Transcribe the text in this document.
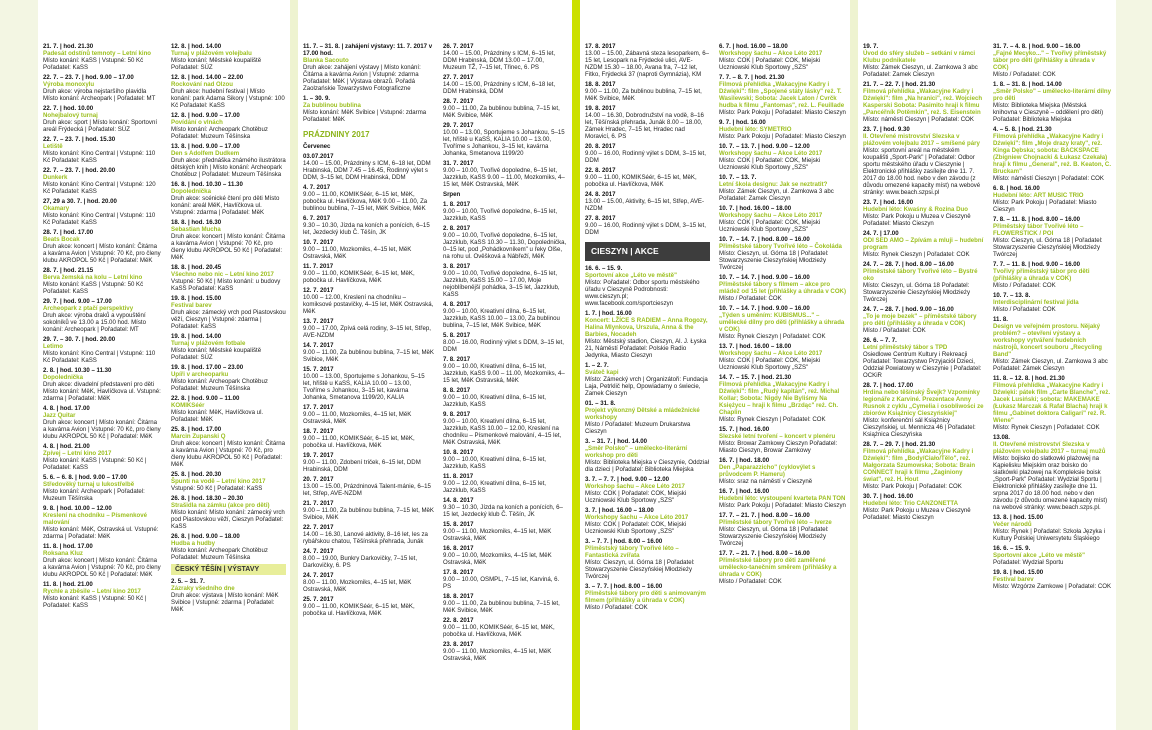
21. 7. | hod. 21.30
Padesát odstínů temnoty – Letní kino
Místo konání: KaSS | Vstupné: 50 Kč
Pořadatel: KaSS
22. 7. – 23. 7. | hod. 9.00 – 17.00
Výroba monoxylu
Druh akce: výroba nejstaršího plavidla Místo konání: Archeopark | Pořadatel: MT
22. 7. | hod. 10.00
Nohejbalový turnaj
Druh akce: sport | Místo konání: Sportovní areál Frýdecká | Pořadatel: SÚZ
22. 7. – 23. 7. | hod. 15.30
Letiště
Místo konání: Kino Central | Vstupné: 110 Kč Pořadatel: KaSS
22. 7. – 23. 7. | hod. 20.00
Dunkerk
Místo konání: Kino Central | Vstupné: 120 Kč Pořadatel: KaSS
27, 29 a 30. 7. | hod. 20.00
Okamary
Místo konání: Kino Central | Vstupné: 110 Kč Pořadatel: KaSS
28. 7. | hod. 17.00
Beats Bocak
Druh akce: koncert | Místo konání: Čitárna a kavárna Avion | Vstupné: 70 Kč, pro členy klubu AKROPOL 50 Kč | Pořadatel: MěK
28. 7. | hod. 21.15
Berva žemská na kolu – Letní kino
Místo konání: KaSS | Vstupné: 50 Kč Pořadatel: KaSS
29. 7. | hod. 9.00 – 17.00
Archeopark z ptačí perspektivy
Druh akce: výroba draků a vypouštění sokolníků ve 13.00 a 15.00 hod. Místo konání: Archeopark | Pořadatel: MT
29. 7. – 30. 7. | hod. 20.00
Letimo
Místo konání: Kino Central | Vstupné: 110 Kč Pořadatel: KaSS
2. 8. | hod. 10.30 – 11.30
Dopolednička
Druh akce: divadelní představení pro děti Místo konání: MěK, Havlíčkova ul. Vstupné: zdarma | Pořadatel: MěK
4. 8. | hod. 17.00
Jazz Quitar
Druh akce: koncert | Místo konání: Čitárna a kavárna Avion | Vstupné: 70 Kč, pro členy klubu AKROPOL 50 Kč | Pořadatel: MěK
4. 8. | hod. 21.00
Zpívej – Letní kino 2017
Místo konání: KaSS | Vstupné: 50 Kč | Pořadatel: KaSS
5. 6. – 6. 8. | hod. 9.00 – 17.00
Středověký turnaj u lukostřelbě
Místo konání: Archeopark | Pořadatel: Muzeum Těšínska
9. 8. | hod. 10.00 – 12.00
Kreslení na chodníku – Písmenkové malování
Místo konání: MěK, Ostravská ul. Vstupné: zdarma | Pořadatel: MěK
11. 8. | hod. 17.00
Roksana Kluz
Druh akce: koncert | Místo konání: Čitárna a kavárna Avion | Vstupné: 70 Kč, pro členy klubu AKROPOL 50 Kč | Pořadatel: MěK
11. 8. | hod. 21.00
Rychle a zběsile – Letní kino 2017
Místo konání: KaSS | Vstupné: 50 Kč | Pořadatel: KaSS
12. 8. | hod. 14.00
Turnaj v plážovém volejbalu
Místo konání: Městské koupaliště Pořadatel: SÚZ
12. 8. | hod. 14.00 – 22.00
Rockování nad Olzou
Druh akce: hudební festival | Místo konání: park Adama Sikory | Vstupné: 100 Kč Pořadatel: KaSS
12. 8. | hod. 9.00 – 17.00
Povídání o vlnách
Místo konání: Archeopark Chotěbuz Pořadatel: Muzeum Těšínska
13. 8. | hod. 9.00 – 17.00
Den s Adolfem Dudkem
Druh akce: přednáška známého ilustrátora dětských knih | Místo konání: Archeopark Chotěbuz | Pořadatel: Muzeum Těšínska
16. 8. | hod. 10.30 – 11.30
Dopolednička
Druh akce: scénické čtení pro děti Místo konání: areál MěK, Havlíčkova ul. Vstupné: zdarma | Pořadatel: MěK
18. 8. | hod. 16.30
Sebastian Mucha
Druh akce: koncert | Místo konání: Čitárna a kavárna Avion | Vstupné: 70 Kč, pro členy klubu AKROPOL 50 Kč | Pořadatel: MěK
18. 8. | hod. 20.45
Všechno nebo nic – Letní kino 2017
Vstupné: 50 Kč | Místo konání: u budovy KaSS Pořadatel: KaSS
19. 8. | hod. 15.00
Festival barev
Druh akce: zámecký vrch pod Piastovskou věží, Cieszyn | Vstupné: zdarma | Pořadatel: KaSS
19. 8. | hod. 14.00
Turnaj v plážovém fotbale
Místo konání: Městské koupaliště Pořadatel: SÚZ
19. 8. | hod. 17.00 – 23.00
Upíři v archeoparku
Místo konání: Archeopark Chotěbuz Pořadatel: Muzeum Těšínska
22. 8. | hod. 9.00 – 11.00
KOMIKSéér
Místo konání: MěK, Havlíčkova ul. Pořadatel: MěK
25. 8. | hod. 17.00
Marcin Zupanski Q
Druh akce: koncert | Místo konání: Čitárna a kavárna Avion | Vstupné: 70 Kč, pro členy klubu AKROPOL 50 Kč | Pořadatel: MěK
25. 8. | hod. 20.30
Špunti na vodě – Letní kino 2017
Vstupné: 50 Kč | Pořadatel: KaSS
26. 8. | hod. 18.30 – 20.30
Strašidla na zámku (akce pro děti)
Místo konání: Místo konání: zámecký vrch pod Piastovskou věží, Cieszyn Pořadatel: KaSS
26. 8. | hod. 9.00 – 18.00
Hudba a hudby
Místo konání: Archeopark Chotěbuz Pořadatel: Muzeum Těšínska
ČESKÝ TĚŠÍN | VÝSTAVY
2. 5. – 31. 7.
Zázraky všedního dne
Druh akce: výstava | Místo konání: MěK Svibice | Vstupné: zdarma | Pořadatel: MěK
11. 7. – 31. 8. | zahájení výstavy: 11. 7. 2017 v 17.00 hod.
Blanka Sacouto
Druh akce: zahájení výstavy | Místo konání: Čitárna a kavárna Avion | Vstupné: zdarma Pořadatel: MěK | Výstava obrazů. Pořadá Zaolzańskie Towarzystwo Fotograficzne
1. – 30. 9.
Za bublinou bublina
Místo konání: MěK Svibice | Vstupné: zdarma Pořadatel: MěK
PRÁZDNINY 2017
Červenec
03.07.2017
14.00 – 15.00, Prázdniny s ICM, 6–18 let, DDM Hrabinská, DDM 7.45 – 16.45, Rodinný výlet s DDM, 3–15 let, DDM Hrabinská, DDM
4. 7. 2017
9.00 – 11.00, KOMIKSéér, 6–15 let, MěK, pobočka ul. Havlíčkova, MěK 9.00 – 11.00, Za bublinou bublina, 7–15 let, MěK Svibice, MěK
6. 7. 2017
9.30 – 10.30, Jízda na koních a ponících, 6–15 let, Jezdecký klub Č. Těšín, JK
10. 7. 2017
9.00 – 11.00, Mozkomiks, 4–15 let, MěK Ostravská, MěK
11. 7. 2017
9.00 – 11.00, KOMIKSéér, 6–15 let, MěK, pobočka ul. Havlíčkova, MěK
12. 7. 2017
10.00 – 12.00, Kreslení na chodníku – komiksové postavičky, 4–15 let, MěK Ostravská, MěK
13. 7. 2017
9.00 – 17.00, Zpívá celá rodiny, 3–15 let, Střep, AVE-NZDM
14. 7. 2017
9.00 – 11.00, Za bublinou bublina, 7–15 let, MěK Svibice, MěK
15. 7. 2017
10.00 – 13.00, Sportujeme s Johankou, 5–15 let, hřiště u KaSS, KALIA 10.00 – 13.00, Tvoříme s Johankou, 3–15 let, kavárna Johanka, Smetanova 1199/20, KALIA
17. 7. 2017
9.00 – 11.00, Mozkomiks, 4–15 let, MěK Ostravská, MěK
18. 7. 2017
9.00 – 11.00, KOMIKSéér, 6–15 let, MěK, pobočka ul. Havlíčkova, MěK
19. 7. 2017
9.00 – 11.00, Zdobení triček, 6–15 let, DDM Hrabinská, DDM
20. 7. 2017
13.00 – 15.00, Prázdninová Talent-mánie, 6–15 let, Střep, AVE-NZDM
21. 7. 2017
9.00 – 11.00, Za bublinou bublina, 7–15 let, MěK Svibice, MěK
22. 7. 2017
14.00 – 16.30, Lanové aktivity, 8–16 let, les za rybářskou chatou, Těšínská přehrada, Junák
24. 7. 2017
8.00 – 19.00, Bunkry Darkovičky, 7–15 let, Darkovičky, 6. PS
24. 7. 2017
8.00 – 11.00, Mozkomiks, 4–15 let, MěK Ostravská, MěK
25. 7. 2017
9.00 – 11.00, KOMIKSéér, 6–15 let, MěK, pobočka ul. Havlíčkova, MěK
26. 7. 2017
14.00 – 15.00, Prázdniny s ICM, 6–15 let, DDM Hrabinská, DDM 13.00 – 17.00, Muzeum TŽ, 7–15 let, Třinec, 6. PS
27. 7. 2017
14.00 – 15.00, Prázdniny s ICM, 6–18 let, DDM Hrabinská, DDM
28. 7. 2017
9.00 – 11.00, Za bublinou bublina, 7–15 let, MěK Svibice, MěK
29. 7. 2017
10.00 – 13.00, Sportujeme s Johankou, 5–15 let, hřiště u KaSS, KALIA 10.00 – 13.00, Tvoříme s Johankou, 3–15 let, kavárna Johanka, Smetanova 1199/20
31. 7. 2017
9.00 – 10.00, Tvořivé dopoledne, 6–15 let, Jazzklub, KaSS 9.00 – 11.00, Mozkomiks, 4–15 let, MěK Ostravská, MěK
Srpen
1. 8. 2017
9.00 – 10.00, Tvořivé dopoledne, 6–15 let, Jazzklub, KaSS
2. 8. 2017
9.00 – 10.00, Tvořivé dopoledne, 6–15 let, Jazzklub, KaSS 10.30 – 11.30, Dopolednička, 0–15 let, pod „Pohádkovníkem" u řeky Olše, na rohu ul. Ověšková a Nábřeží, MěK
3. 8. 2017
9.00 – 10.00, Tvořivé dopoledne, 6–15 let, Jazzklub, KaSS 15.00 – 17.00, Moje nejoblíbenější pohádka, 3–15 let, Jazzklub, KaSS
4. 8. 2017
9.00 – 10.00, Kreativní dílna, 6–15 let, Jazzklub, KaSS 10.00 – 13.00, Za bublinou bublina, 7–15 let, MěK Svibice, MěK
5. 8. 2017
8.00 – 16.00, Rodinný výlet s DDM, 3–15 let, DDM
7. 8. 2017
9.00 – 10.00, Kreativní dílna, 6–15 let, Jazzklub, KaSS 9.00 – 11.00, Mozkomiks, 4–15 let, MěK Ostravská, MěK
8. 8. 2017
9.00 – 10.00, Kreativní dílna, 6–15 let, Jazzklub, KaSS
9. 8. 2017
9.00 – 10.00, Kreativní dílna, 6–15 let, Jazzklub, KaSS 10.00 – 12.00, Kreslení na chodníku – Písmenkové malování, 4–15 let, MěK Ostravská, MěK
10. 8. 2017
9.00 – 10.00, Kreativní dílna, 6–15 let, Jazzklub, KaSS
11. 8. 2017
9.00 – 12.00, Kreativní dílna, 6–15 let, Jazzklub, KaSS
14. 8. 2017
9.30 – 10.30, Jízda na koních a ponících, 6–15 let, Jezdecký klub Č. Těšín, JK
15. 8. 2017
9.00 – 11.00, Mozkomiks, 4–15 let, MěK Ostravská, MěK
16. 8. 2017
9.00 – 10.00, Mozkomiks, 4–15 let, MěK Ostravská, MěK
17. 8. 2017
9.00 – 10.00, OSMPL, 7–15 let, Karviná, 6. PS
18. 8. 2017
9.00 – 11.00, Za bublinou bublina, 7–15 let, MěK Svibice, MěK
22. 8. 2017
9.00 – 11.00, KOMIKSéér, 6–15 let, MěK, pobočka ul. Havlíčkova, MěK
23. 8. 2017
9.00 – 11.00, Mozkomiks, 4–15 let, MěK Ostravská, MěK
17. 8. 2017
13.00 – 15.00, Zábavná steza lesoparkem, 6–15 let, Lesopark na Frýdecké ulici, AVE-NZDM 15.30 – 18.00, Avana fra, 7–12 let, Fitko, Frýdecká 37 (naproti Gymnázia), KM
18. 8. 2017
9.00 – 11.00, Za bublinou bublina, 7–15 let, MěK Svibice, MěK
19. 8. 2017
14.00 – 16.30, Dobrodružství na vodě, 8–16 let, Těšínská přehrada, Junák 8.00 – 18.00, Zámek Hradec, 7–15 let, Hradec nad Moravicí, 6. PS
20. 8. 2017
9.00 – 16.00, Rodinný výlet s DDM, 3–15 let, DDM
22. 8. 2017
9.00 – 11.00, KOMIKSéér, 6–15 let, MěK, pobočka ul. Havlíčkova, MěK
24. 8. 2017
13.00 – 15.00, Aktivity, 6–15 let, Střep, AVE-NZDM
27. 8. 2017
9.00 – 16.00, Rodinný výlet s DDM, 3–15 let, DDM
CIESZYN | AKCE
16. 6. – 15. 9.
Sportovní akce „Léto ve městě"
Místo: Pořadatel: Odbor sportu městského úřadu v Cieszyně Podrobnosti: www.cieszyn.pl; www.facebook.com/sportcieszyn
1. 7. | hod. 16.00
Koncert: LŽÍCE S RADIEM – Anna Rogozy, Halina Mlynkova, Urszula, Anna & the Barbies, Nocadeh
Místo: Městský stadion, Cieszyn, Al. J. Łyska 21, Náměstí Pořadatel: Polskie Radio Jedynka, Miasto Cieszyn
1. – 2. 7.
Sváteč kapi
Místo: Zámecký vrch | Organizátoři: Fundacja Laja, Petrklič help, Opowiadamy o świecie, Zamek Cieszyn
01. – 31. 8.
Projekt výkonzný Dětské a mládežnické workshopy
Místo / Pořadatel: Muzeum Drukarstwa Cieszyn
3. – 31. 7. | hod. 14.00
„Směr Polsko" – uměleckо-literární workshop pro děti
Místo: Biblioteka Miejska v Cieszynie, Oddział dla dzieci | Pořadatel: Biblioteka Miejska
3. 7. – 7. 7. | hod. 9.00 – 12.00
Workshop šachu – Akce Léto 2017
Místo: COK | Pořadatel: COK, Miejski Uczniowski Klub Sportowy „SZS"
3. 7. | hod. 16.00 – 18.00
Workshopy šachu – Akce Léto 2017
Místo: COK | Pořadatel: COK, Miejski Uczniowski Klub Sportowy „SZS"
3. – 7. 7. | hod. 8.00 – 16.00
Příměstský tábory Tvořivé léto – Fantastická zvířata
Místo: Cieszyn, ul. Górna 18 | Pořadatel: Stowarzyszenie Cieszyńskiej Młodzieży Twórczej
3. – 7. 7. | hod. 8.00 – 16.00
Příměstské tábory pro děti s animovaným filmem (přihlášky a úhrada v COK)
Místo / Pořadatel: COK
6. 7. | hod. 16.00 – 18.00
Workshopy šachu – Akce Léto 2017
Místo: COK | Pořadatel: COK, Miejski Uczniowski Klub Sportowy „SZS"
7. 7. – 8. 7. | hod. 21.30
Filmová přehlídka „Wakacyjne Kadry i Dźwięki": film „Spojené státy lásky" reż. T. Wasilewski; Sobota: Jacek Laton / Cvrčk hudba k filmu „Fantomas", reż. L. Feuillade
Místo: Park Pokoju | Pořadatel: Miasto Cieszyn
9. 7. | hod. 16.00
Hudební léto: SYMETRIO
Místo: Park Pokoju | Pořadatel: Miasto Cieszyn
10. 7. – 13. 7. | hod. 9.00 – 12.00
Workshopy šachu – Akce Léto 2017
Místo: COK | Pořadatel: COK, Miejski Uczniowski Klub Sportowy „SZS"
10. 7. – 13. 7.
Letní škola designu: Jak se neztratit?
Místo: Zámek Cieszyn, ul. Zamkowa 3 abc Pořadatel: Zamek Cieszyn
10. 7. | hod. 16.00 – 18.00
Workshopy šachu – Akce Léto 2017
Místo: COK | Pořadatel: COK, Miejski Uczniowski Klub Sportowy „SZS"
10. 7. – 14. 7. | hod. 8.00 – 16.00
Příměstské tábory Tvořivé léto – Čokoláda
Místo: Cieszyn, ul. Górna 18 | Pořadatel: Stowarzyszenie Cieszyńskiej Młodzieży Twórczej
10. 7. – 14. 7. | hod. 9.00 – 16.00
Příměstské tábory s filmem – akce pro mládež od 15 let (přihlášky a úhrada v COK)
Místo / Pořadatel: COK
10. 7. – 14. 7. | hod. 9.00 – 16.00
„Týden s uměním: KUBISMUS..." – umělecké dílny pro děti (přihlášky a úhrada v COK)
Místo: Rynek Cieszyn | Pořadatel: COK
13. 7. | hod. 16.00 – 18.00
Workshopy šachu – Akce Léto 2017
Místo: COK | Pořadatel: COK, Miejski Uczniowski Klub Sportowy „SZS"
14. 7. – 15. 7. | hod. 21.30
Filmová přehlídka „Wakacyjne Kadry i Dźwięki": film „Rudý kapitán", reż. Michal Kollar; Sobota: Nigdy Nie Byliśmy Na Księżycu – hraji k filmu „Brzdąc" reż. Ch. Chaplin
Místo: Rynek Cieszyn | Pořadatel: COK
15. 7. | hod. 16.00
Slezské letní tvoření – koncert v plenéru
Místo: Browar Zamkowy Cieszyn Pořadatel: Miasto Cieszyn, Browar Zamkowy
16. 7. | hod. 18.00
Den „Paparazzicho" (cyklovýlet s průvodcem P. Hameru)
Místo: sraz na náměstí v Cieszyně
16. 7. | hod. 16.00
Hudební léto: vystoupení kvarteta PAN TON
Místo: Park Pokoju | Pořadatel: Miasto Cieszyn
17. 7. – 21. 7. | hod. 8.00 – 16.00
Příměstské tábory Tvořivé léto – Iverze
Místo: Cieszyn, ul. Górna 18 | Pořadatel: Stowarzyszenie Cieszyńskiej Młodzieży Twórczej
17. 7. – 21. 7. | hod. 8.00 – 16.00
Příměstské tábory pro děti zaměřené umělecko-tanečním směrem (přihlášky a úhrada v COK)
Místo / Pořadatel: COK
19. 7.
Úvod do sféry služeb – setkání v rámci Klubu podnikatele
Místo: Zámek Cieszyn, ul. Zamkowa 3 abc Pořadatel: Zamek Cieszyn
21. 7. – 22. 7. | hod. 21.30
Filmová přehlídka „Wakacyjne Kadry i Dźwięki": film „Na hranici", reż. Wojciech Kasperski Sobota: Pasimito hraji k filmu „Pancéřník Potěmkin", reż. S. Eisenstein
Místo: náměstí Cieszyn | Pořadatel: COK
23. 7. | hod. 9.30
II. Otevřené mistrovství Slezska v plážovém volejbalu 2017 – smíšené páry
Místo: sportovní areál na městském koupališti „Sport-Park" | Pořadatel: Odbor sportu městského úřadu v Cieszynie | Elektronické přihlášky zasílejte dne 11. 7. 2017 do 18.00 hod. nebo v den závodu (z důvodu omezené kapacity míst) na webové stránky: www.beach.szpsi.pl
23. 7. | hod. 16.00
Hudební léto: Kwaśny & Rozina Duo
Místo: Park Pokoju u Muzea v Cieszyně Pořadatel: Miasto Cieszyn
24. 7. | 17.00
ODI SED AMO – Zpívám a mluji – hudební program
Místo: Rynek Cieszyn | Pořadatel: COK
24. 7. – 28. 7. | hod. 8.00 – 16.00
Příměstské tábory Tvořivé léto – Bystré oko
Místo: Cieszyn, ul. Górna 18 Pořadatel: Stowarzyszenie Cieszyńskiej Młodzieży Twórczej
24. 7. – 28. 7. | hod. 9.00 – 16.00
„To je moje bezek" – příměstské tábory pro děti (přihlášky a úhrada v COK)
Místo / Pořadatel: COK
26. 6. – 7. 7.
Letní příměstský tábor s TPD
Osiedlowe Centrum Kultury i Rekreacji Pořadatel: Towarzystwo Przyjaciół Dzieci, Oddział Powiatowy w Cieszynie | Pořadatel: OCKiR
28. 7. | hod. 17.00
Hrdina nebo těšínský Švejk? Vzpomínky legionáře z Karviné. Prezentace Anny Rusnok z cyklu „Cymelia i osobliwości ze zbiorów Książnicy Cieszyńskiej"
Místo: konferenční sál Książnicy Cieszyńskiej, ul. Mennicza 46 | Pořadatel: Książnica Cieszyńska
28. 7. – 29. 7. | hod. 21.30
Filmová přehlídka „Wakacyjne Kadry i Dźwięki": film „Body/Ciało/Tělo", reż. Małgorzata Szumowska; Sobota: Brain CONNECT hraji k filmu „Zaginiony świat", reż. H. Hout
Místo: Park Pokoju | Pořadatel: COK
30. 7. | hod. 16.00
Hudební léto: Trio CANZONETTA
Místo: Park Pokoju u Muzea v Cieszyně Pořadatel: Miasto Cieszyn
31. 7. – 4. 8. | hod. 9.00 – 16.00
„Fajné Mecyko..." – Tvořivý příměstský tábor pro děti (přihlášky a úhrada v COK)
Místo / Pořadatel: COK
1. 8. – 31. 8. | hod. 14.00
„Směr Polsko" – umělecko-literární dílny pro děti
Místo: Biblioteka Miejska (Městská knihovna v Cieszyně – oddělení pro děti) Pořadatel: Biblioteka Miejska
4. – 5. 8. | hod. 21.30
Filmová přehlídka „Wakacyjne Kadry i Dźwięki": film „Moje drazy kraty", reż. Kinga Dębska; sobota: BACKSPACE (Zbigniew Chojnacki & Łukasz Czekała) hraji k filmu „General", reż. B. Keaton, C. Bruckam"
Místo: náměstí Cieszyn | Pořadatel: COK
6. 8. | hod. 16.00
Hudební léto: ART MUSIC TRIO
Místo: Park Pokoju | Pořadatel: Miasto Cieszyn
7. 8. – 11. 8. | hod. 8.00 – 16.00
Příměstský tábor Tvořivé léto – FLOWERSTICK / POI
Místo: Cieszyn, ul. Górna 18 | Pořadatel: Stowarzyszenie Cieszyńskiej Młodzieży Twórczej
7. 7. – 11. 8. | hod. 9.00 – 16.00
Tvořivý příměstský tábor pro děti (přihlášky a úhrada v COK)
Místo / Pořadatel: COK
10. 7. – 13. 8.
Interdisciplinární festival jídla
Místo / Pořadatel: COK
11. 8.
Design ve veřejném prostoru. Nějaký problém? – otevření výstavy a workshopy vytváření hudebních nástrojů, koncert souboru „Recycling Band"
Místo: Zámek Cieszyn, ul. Zamkowa 3 abc Pořadatel: Zámek Cieszyn
11. 8. – 12. 8. | hod. 21.30
Filmová přehlídka „Wakacyjne Kadry i Dźwięki: pátek film „Carte Blanche", reż. Jacek Lusiński; sobota: MAKEMAKE (Łukasz Marczak & Rafał Blacha) hraji k filmu „Gabinet doktora Caligari" reż. R. Wiene"
Místo: Rynek Cieszyn | Pořadatel: COK
13.08.
II. Otevřené mistrovství Slezska v plážovém volejbalu 2017 – turnaj mužů
Místo: bojisko do slatkowki plażowej na Kąpielisku Miejskim oraz boisko do siatkówki plażowej na Kompleksie boisk „Sport-Park" Pořadatel: Wydział Sportu | Elektronické přihlášky zasílejte dne 11. srpna 2017 do 18.00 hod. nebo v den závodu (z důvodu omezené kapacity míst) na webové stránky: www.beach.szps.pl.
13. 8. | hod. 15.00
Večer národů
Místo: Rynek | Pořadatel: Szkoła Języka i Kultury Polskiej Uniwersytetu Śląskiego
16. 6. – 15. 9.
Sportovní akce „Léto ve městě"
Pořadatel: Wydział Sportu
19. 8. | hod. 15.00
Festival barev
Místo: Wzgórze Zamkowe | Pořadatel: COK
